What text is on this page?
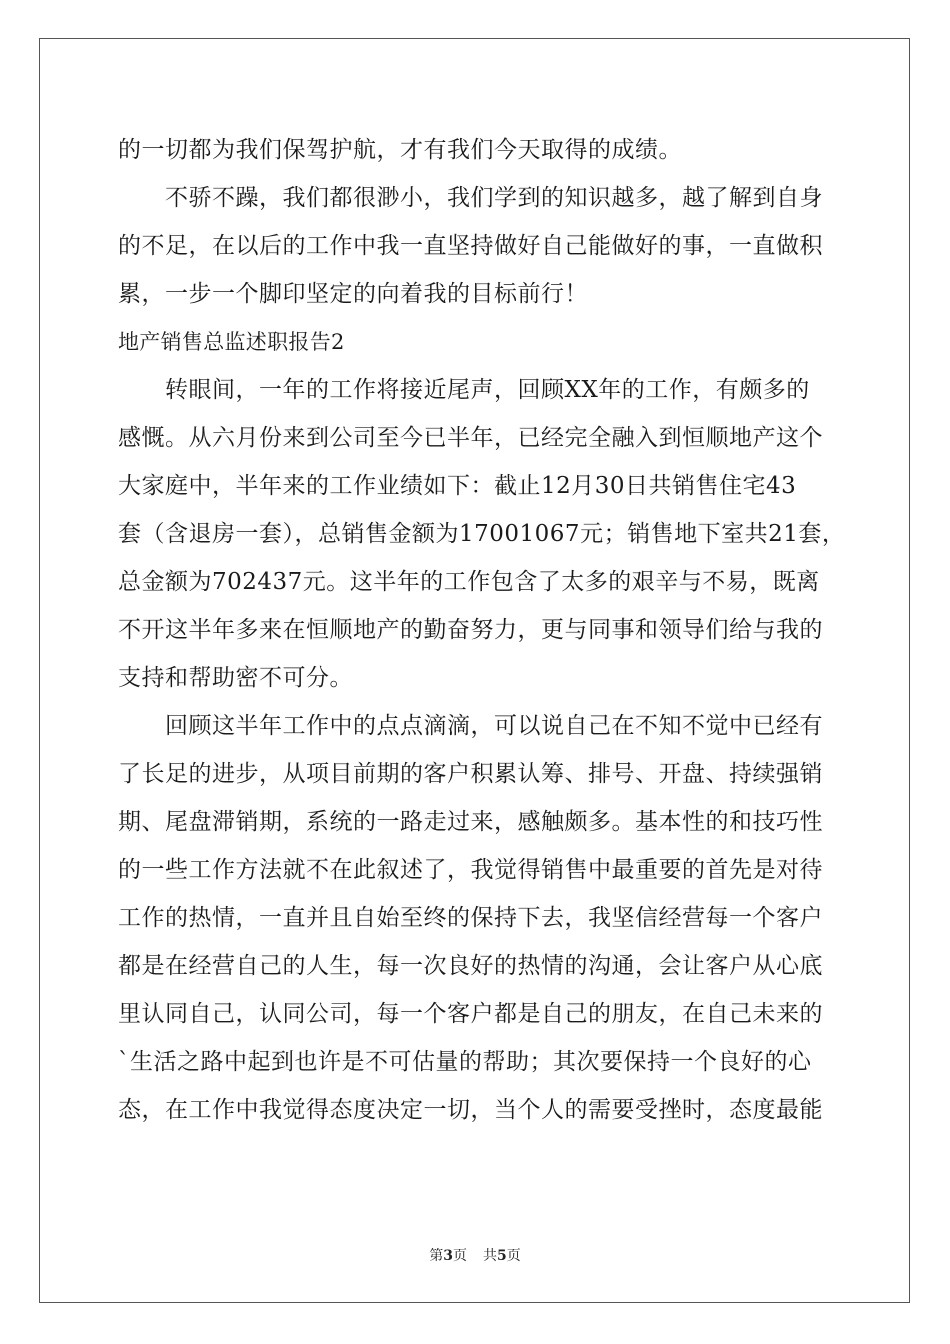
的一切都为我们保驾护航，才有我们今天取得的成绩。
　　不骄不躁，我们都很渺小，我们学到的知识越多，越了解到自身
的不足，在以后的工作中我一直坚持做好自己能做好的事，一直做积
累，一步一个脚印坚定的向着我的目标前行！
地产销售总监述职报告2
　　转眼间，一年的工作将接近尾声，回顾XX年的工作，有颇多的
感慨。从六月份来到公司至今已半年，已经完全融入到恒顺地产这个
大家庭中，半年来的工作业绩如下：截止12月30日共销售住宅43
套（含退房一套），总销售金额为17001067元；销售地下室共21套，
总金额为702437元。这半年的工作包含了太多的艰辛与不易，既离
不开这半年多来在恒顺地产的勤奋努力，更与同事和领导们给与我的
支持和帮助密不可分。
　　回顾这半年工作中的点点滴滴，可以说自己在不知不觉中已经有
了长足的进步，从项目前期的客户积累认筹、排号、开盘、持续强销
期、尾盘滞销期，系统的一路走过来，感触颇多。基本性的和技巧性
的一些工作方法就不在此叙述了，我觉得销售中最重要的首先是对待
工作的热情，一直并且自始至终的保持下去，我坚信经营每一个客户
都是在经营自己的人生，每一次良好的热情的沟通，会让客户从心底
里认同自己，认同公司，每一个客户都是自己的朋友，在自己未来的
`生活之路中起到也许是不可估量的帮助；其次要保持一个良好的心
态，在工作中我觉得态度决定一切，当个人的需要受挫时，态度最能
第3页 共5页
